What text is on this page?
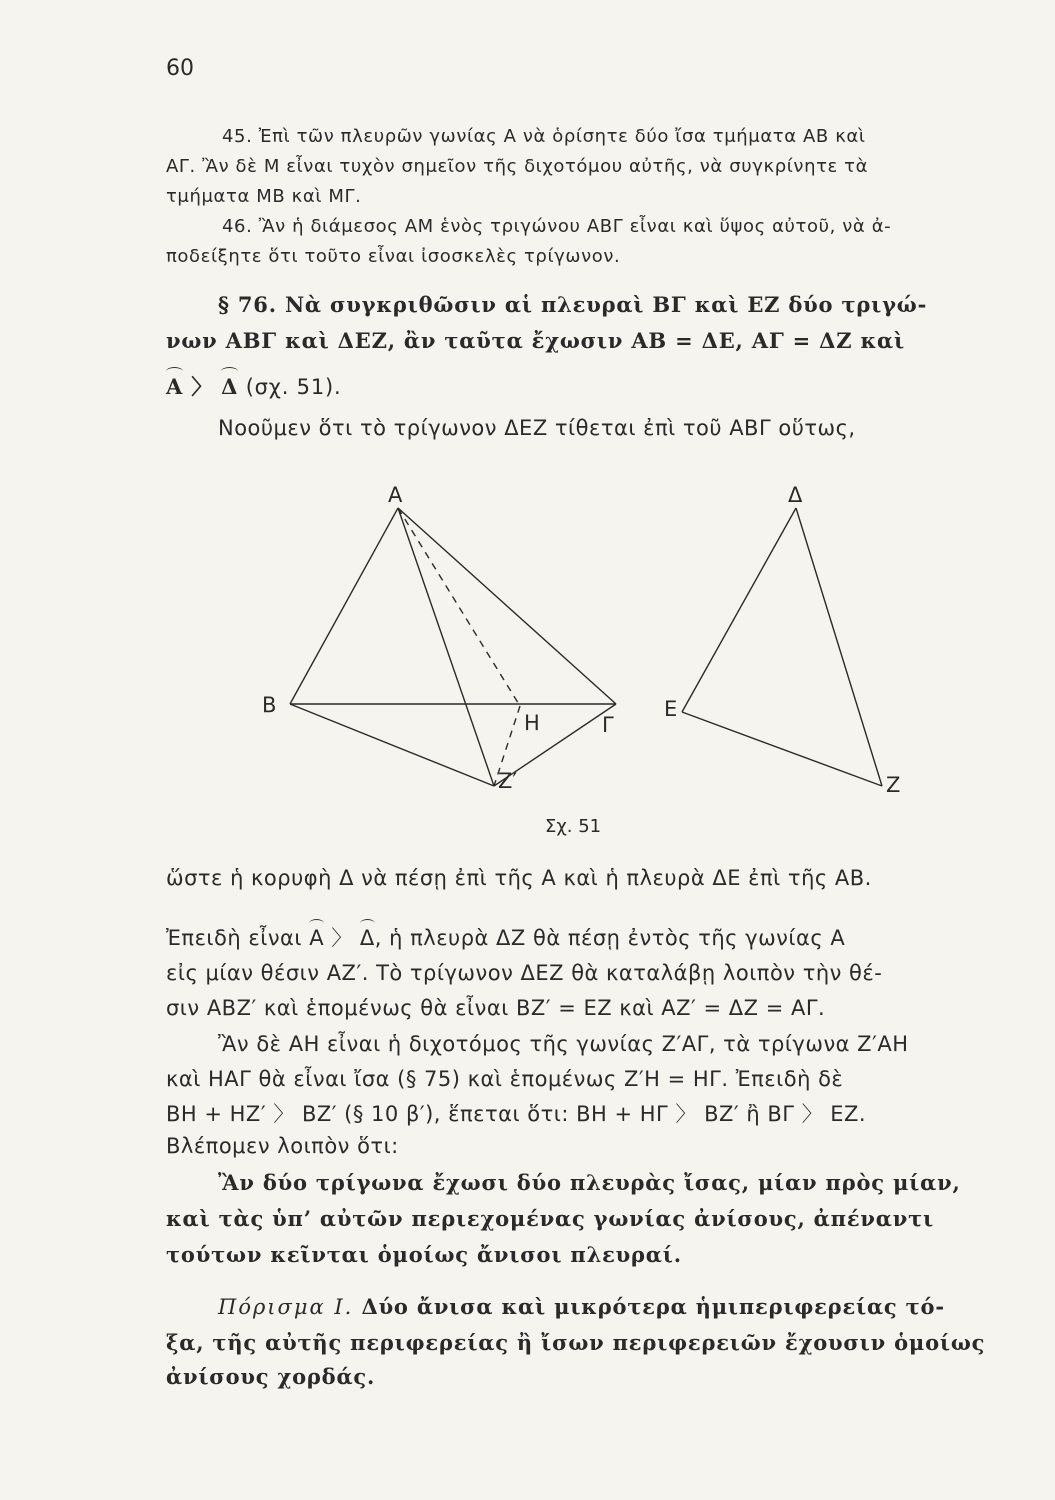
60
45. Ἐπὶ τῶν πλευρῶν γωνίας Α νὰ ὁρίσητε δύο ἴσα τμήματα ΑΒ καὶ
ΑΓ. Ἂν δὲ Μ εἶναι τυχὸν σημεῖον τῆς διχοτόμου αὐτῆς, νὰ συγκρίνητε τὰ
τμήματα ΜΒ καὶ ΜΓ.
46. Ἂν ἡ διάμεσος ΑΜ ἑνὸς τριγώνου ΑΒΓ εἶναι καὶ ὕψος αὐτοῦ, νὰ ἀ-
ποδείξητε ὅτι τοῦτο εἶναι ἰσοσκελὲς τρίγωνον.
§ 76. Νὰ συγκριθῶσιν αἱ πλευραὶ ΒΓ καὶ ΕΖ δύο τριγώ-
νων ΑΒΓ καὶ ΔΕΖ, ἂν ταῦτα ἔχωσιν ΑΒ = ΔΕ, ΑΓ = ΔΖ καὶ
Α 〉 Δ (σχ. 51).
Νοοῦμεν ὅτι τὸ τρίγωνον ΔΕΖ τίθεται ἐπὶ τοῦ ΑΒΓ οὕτως,
Α
Β
Γ
Η
Ζ′
Δ
Ε
Ζ
Σχ. 51
ὥστε ἡ κορυφὴ Δ νὰ πέσῃ ἐπὶ τῆς Α καὶ ἡ πλευρὰ ΔΕ ἐπὶ τῆς ΑΒ.
Ἐπειδὴ εἶναι Α 〉 Δ, ἡ πλευρὰ ΔΖ θὰ πέσῃ ἐντὸς τῆς γωνίας Α
εἰς μίαν θέσιν ΑΖ′. Τὸ τρίγωνον ΔΕΖ θὰ καταλάβῃ λοιπὸν τὴν θέ-
σιν ΑΒΖ′ καὶ ἑπομένως θὰ εἶναι ΒΖ′ = ΕΖ καὶ ΑΖ′ = ΔΖ = ΑΓ.
Ἂν δὲ ΑΗ εἶναι ἡ διχοτόμος τῆς γωνίας Ζ′ΑΓ, τὰ τρίγωνα Ζ′ΑΗ
καὶ ΗΑΓ θὰ εἶναι ἴσα (§ 75) καὶ ἑπομένως Ζ′Η = ΗΓ. Ἐπειδὴ δὲ
ΒΗ + ΗΖ′ 〉 ΒΖ′ (§ 10 β′), ἕπεται ὅτι: ΒΗ + ΗΓ 〉 ΒΖ′ ἢ ΒΓ 〉 ΕΖ.
Βλέπομεν λοιπὸν ὅτι:
Ἂν δύο τρίγωνα ἔχωσι δύο πλευρὰς ἴσας, μίαν πρὸς μίαν,
καὶ τὰς ὑπ’ αὐτῶν περιεχομένας γωνίας ἀνίσους, ἀπέναντι
τούτων κεῖνται ὁμοίως ἄνισοι πλευραί.
Πόρισμα Ι. Δύο ἄνισα καὶ μικρότερα ἡμιπεριφερείας τό-
ξα, τῆς αὐτῆς περιφερείας ἢ ἴσων περιφερειῶν ἔχουσιν ὁμοίως
ἀνίσους χορδάς.
